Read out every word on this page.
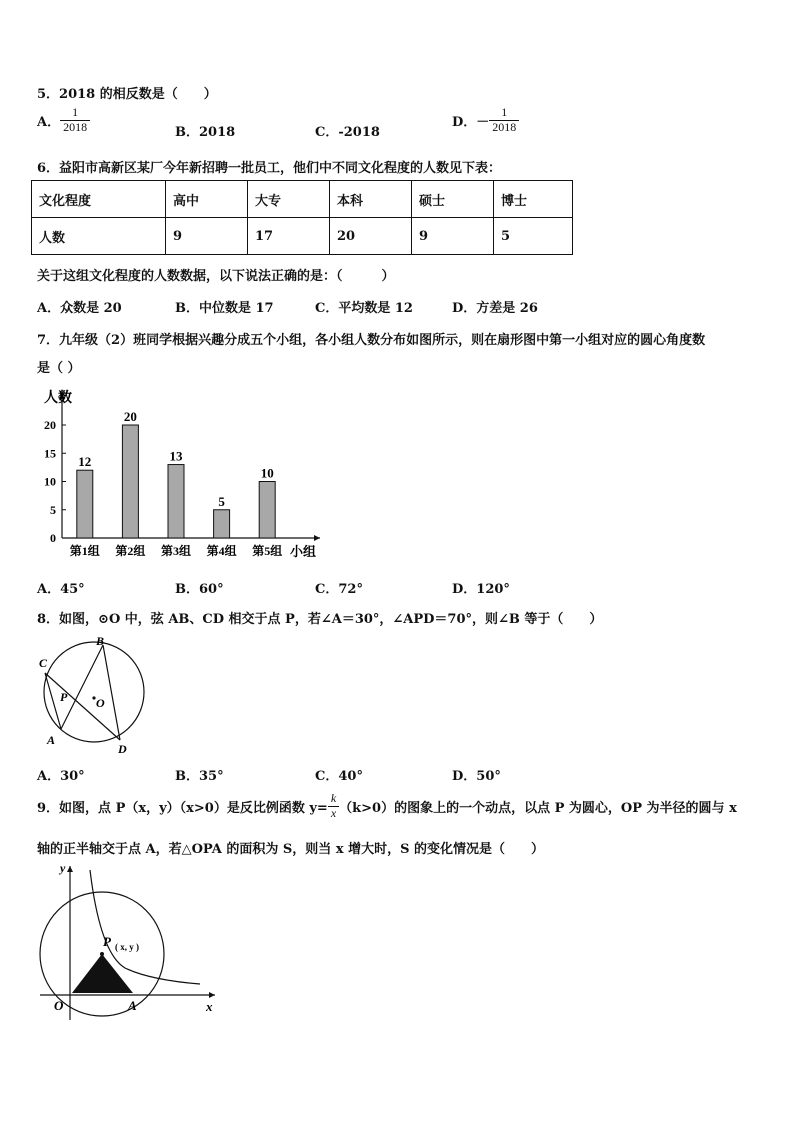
5．2018 的相反数是（　　）
A． $\frac{1}{2018}$	B．2018	C．-2018
D．－ $\frac{1}{2018}$
6．益阳市高新区某厂今年新招聘一批员工，他们中不同文化程度的人数见下表：
文化程度	高中	大专	本科	硕士	博士
人数	9	17	20	9	5
关于这组文化程度的人数数据，以下说法正确的是：（　　　）
A．众数是 20	B．中位数是 17	C．平均数是 12	D．方差是 26
7．九年级（2）班同学根据兴趣分成五个小组，各小组人数分布如图所示，则在扇形图中第一小组对应的圆心角度数
是（ ）
人数
小组
0
5
10
15
20
12
第1组
20
第2组
13
第3组
5
第4组
10
第5组
A．45°	B．60°	C．72°	D．120°
8．如图，⊙O 中，弦 AB、CD 相交于点 P，若∠A＝30°，∠APD＝70°，则∠B 等于（　　）
B
C
P O
A
D
A．30°	B．35°	C．40°	D．50°
9．如图，点 P（x，y）（x>0）是反比例函数 $y= \frac{k}{x} (k>0)$的图象上的一个动点，以点 P 为圆心，OP 为半径的圆与 x
轴的正半轴交于点 A，若△OPA 的面积为 S，则当 x 增大时，S 的变化情况是（　　）
y
x
O	A
P ( x, y )
